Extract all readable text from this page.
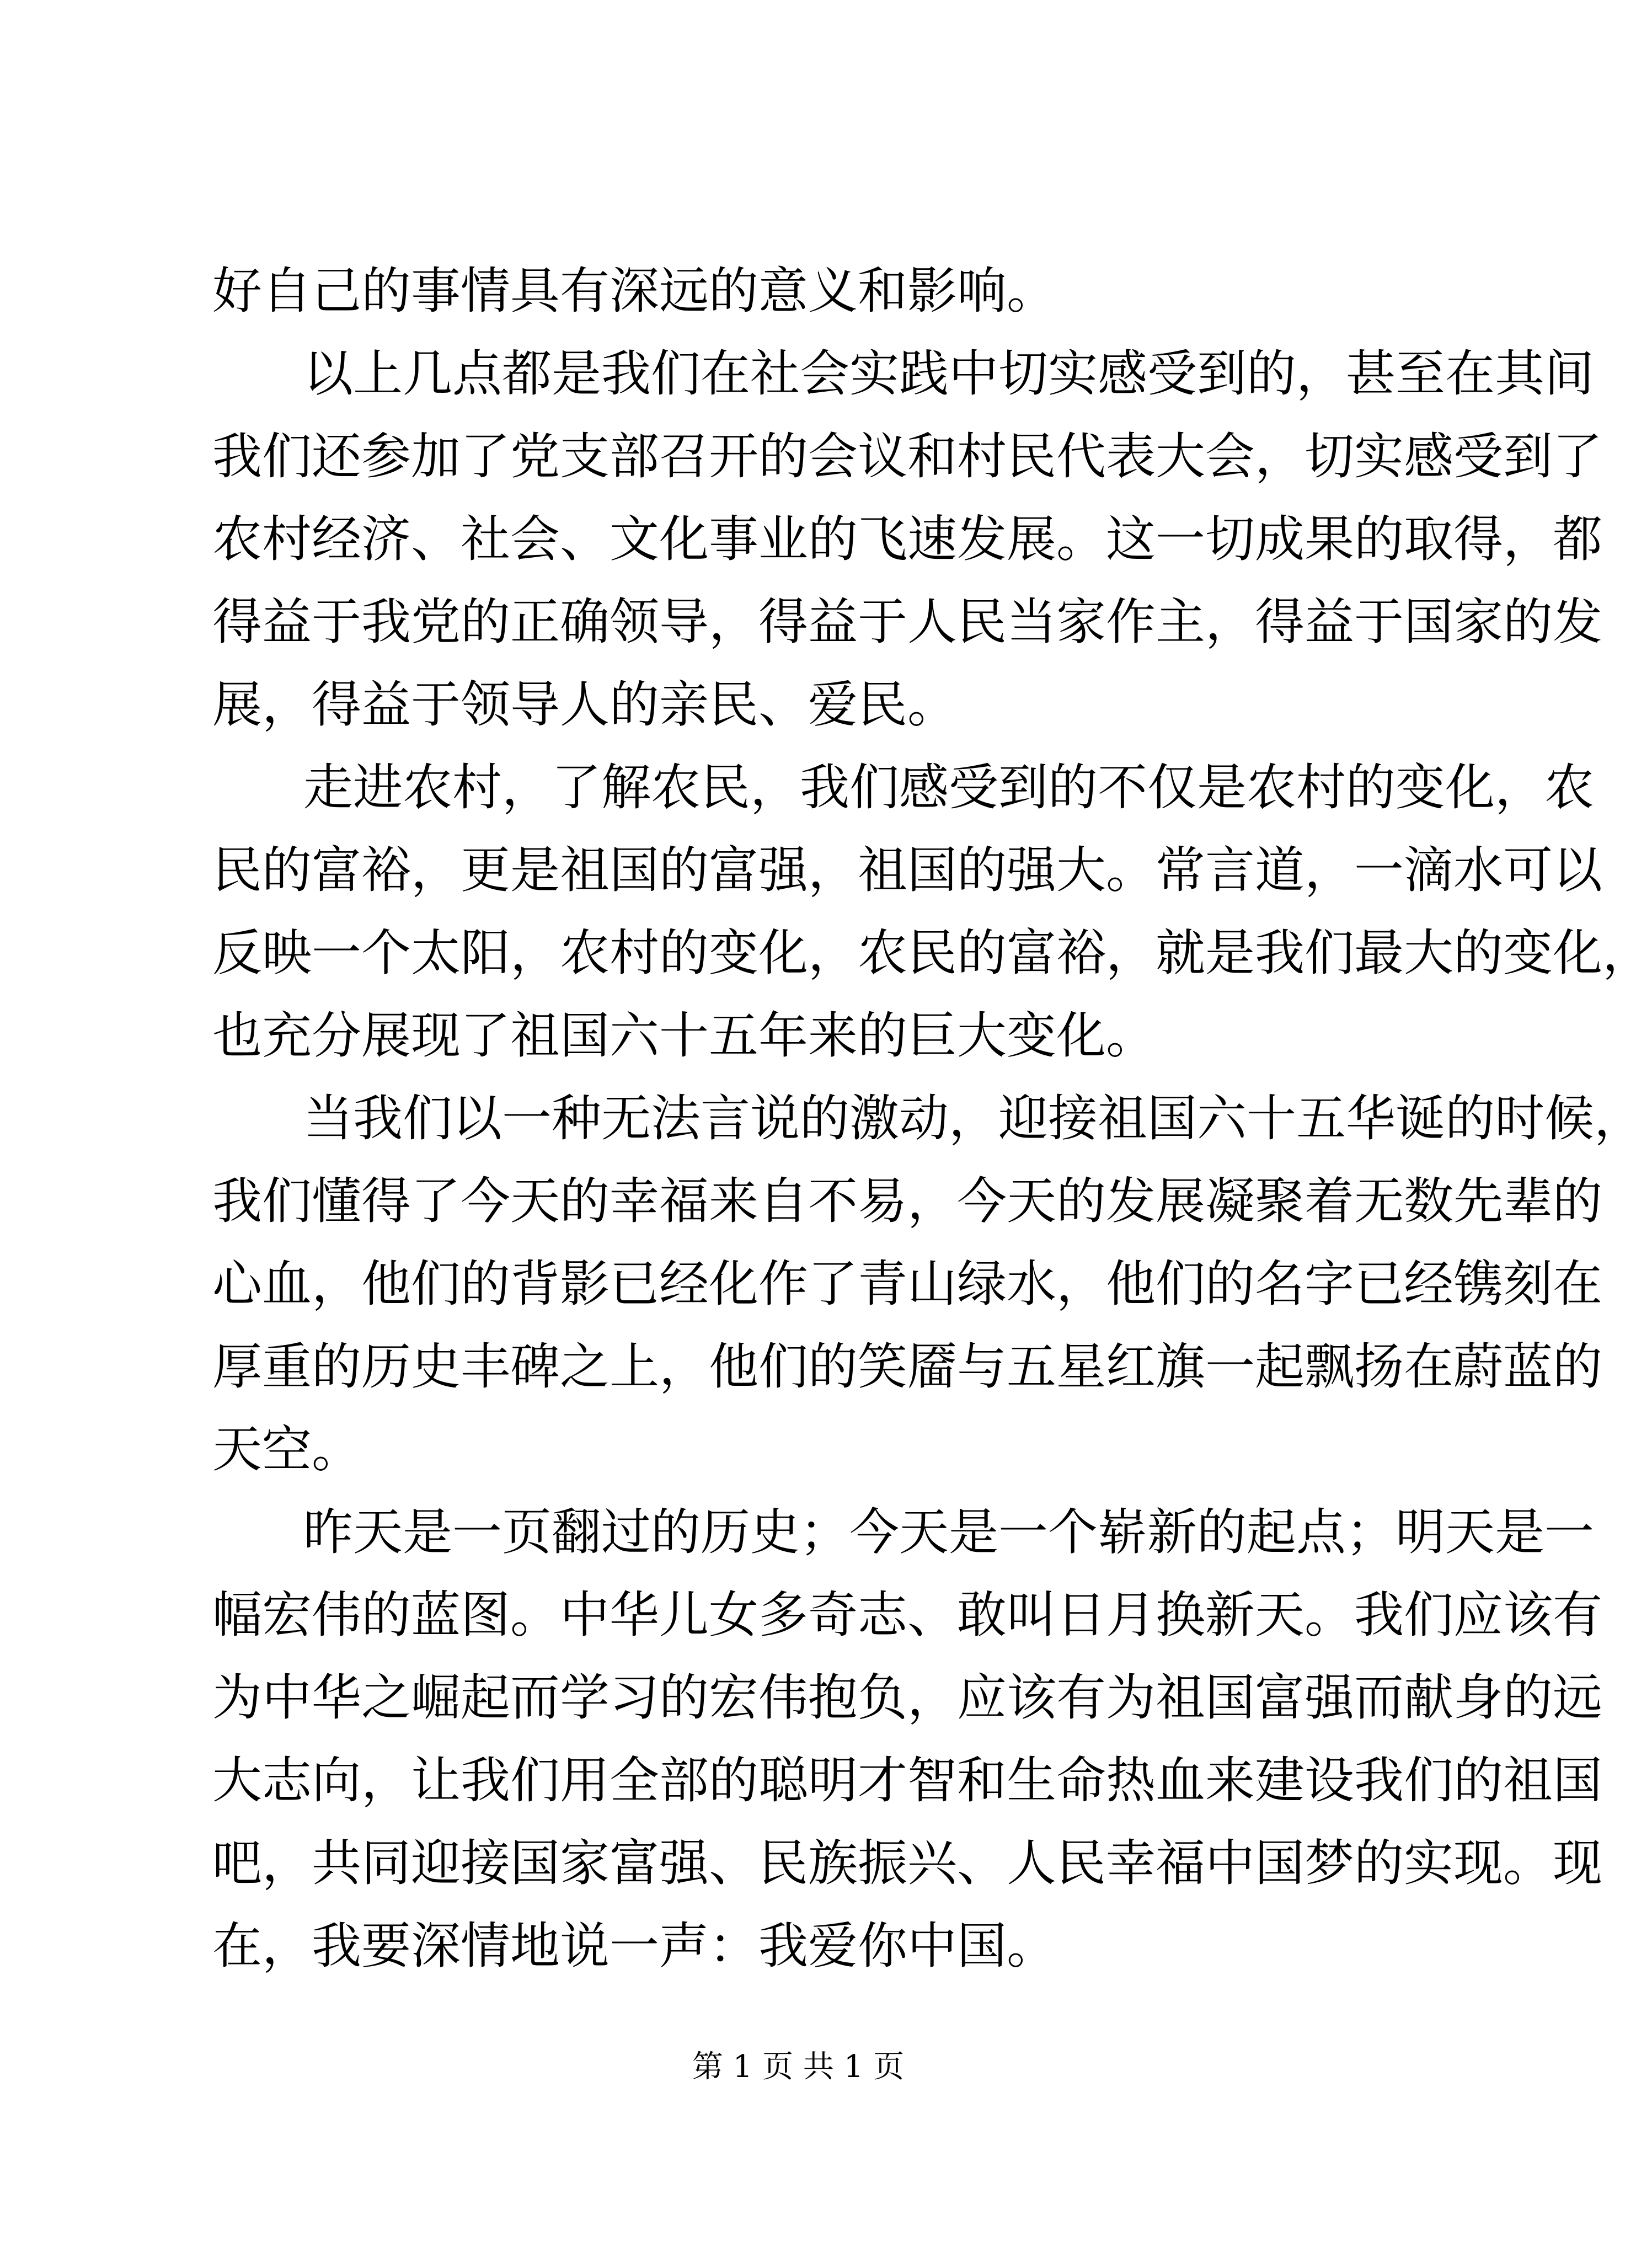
好自己的事情具有深远的意义和影响。
以上几点都是我们在社会实践中切实感受到的，甚至在其间
我们还参加了党支部召开的会议和村民代表大会，切实感受到了
农村经济、社会、文化事业的飞速发展。这一切成果的取得，都
得益于我党的正确领导，得益于人民当家作主，得益于国家的发
展，得益于领导人的亲民、爱民。
走进农村，了解农民，我们感受到的不仅是农村的变化，农
民的富裕，更是祖国的富强，祖国的强大。常言道，一滴水可以
反映一个太阳，农村的变化，农民的富裕，就是我们最大的变化，
也充分展现了祖国六十五年来的巨大变化。
当我们以一种无法言说的激动，迎接祖国六十五华诞的时候，
我们懂得了今天的幸福来自不易，今天的发展凝聚着无数先辈的
心血，他们的背影已经化作了青山绿水，他们的名字已经镌刻在
厚重的历史丰碑之上，他们的笑靥与五星红旗一起飘扬在蔚蓝的
天空。
昨天是一页翻过的历史；今天是一个崭新的起点；明天是一
幅宏伟的蓝图。中华儿女多奇志、敢叫日月换新天。我们应该有
为中华之崛起而学习的宏伟抱负，应该有为祖国富强而献身的远
大志向，让我们用全部的聪明才智和生命热血来建设我们的祖国
吧，共同迎接国家富强、民族振兴、人民幸福中国梦的实现。现
在，我要深情地说一声：我爱你中国。
第 1 页 共 1 页
